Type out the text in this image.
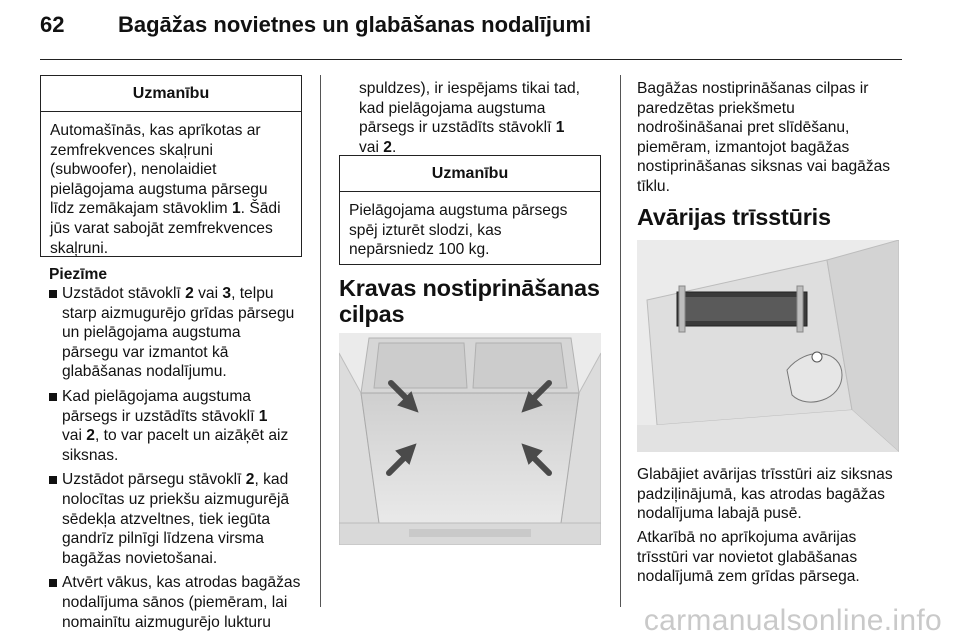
62 Bagāžas novietnes un glabāšanas nodalījumi
Uzmanību
Automašīnās, kas aprīkotas ar
zemfrekvences skaļruni
(subwoofer), nenolaidiet
pielāgojama augstuma pārsegu
līdz zemākajam stāvoklim 1. Šādi
jūs varat sabojāt zemfrekvences
skaļruni.
Piezīme
Uzstādot stāvoklī 2 vai 3, telpu
starp aizmugurējo grīdas pārsegu
un pielāgojama augstuma
pārsegu var izmantot kā
glabāšanas nodalījumu.
Kad pielāgojama augstuma
pārsegs ir uzstādīts stāvoklī 1
vai 2, to var pacelt un aizāķēt aiz
siksnas.
Uzstādot pārsegu stāvoklī 2, kad
nolocītas uz priekšu aizmugurējā
sēdekļa atzveltnes, tiek iegūta
gandrīz pilnīgi līdzena virsma
bagāžas novietošanai.
Atvērt vākus, kas atrodas bagāžas
nodalījuma sānos (piemēram, lai
nomainītu aizmugurējo lukturu
spuldzes), ir iespējams tikai tad,
kad pielāgojama augstuma
pārsegs ir uzstādīts stāvoklī 1
vai 2.
Uzmanību
Pielāgojama augstuma pārsegs
spēj izturēt slodzi, kas
nepārsniedz 100 kg.
Kravas nostiprināšanas
cilpas
Bagāžas nostiprināšanas cilpas ir
paredzētas priekšmetu
nodrošināšanai pret slīdēšanu,
piemēram, izmantojot bagāžas
nostiprināšanas siksnas vai bagāžas
tīklu.
Avārijas trīsstūris
Glabājiet avārijas trīsstūri aiz siksnas
padziļinājumā, kas atrodas bagāžas
nodalījuma labajā pusē.
Atkarībā no aprīkojuma avārijas
trīsstūri var novietot glabāšanas
nodalījumā zem grīdas pārsega.
carmanualsonline.info
